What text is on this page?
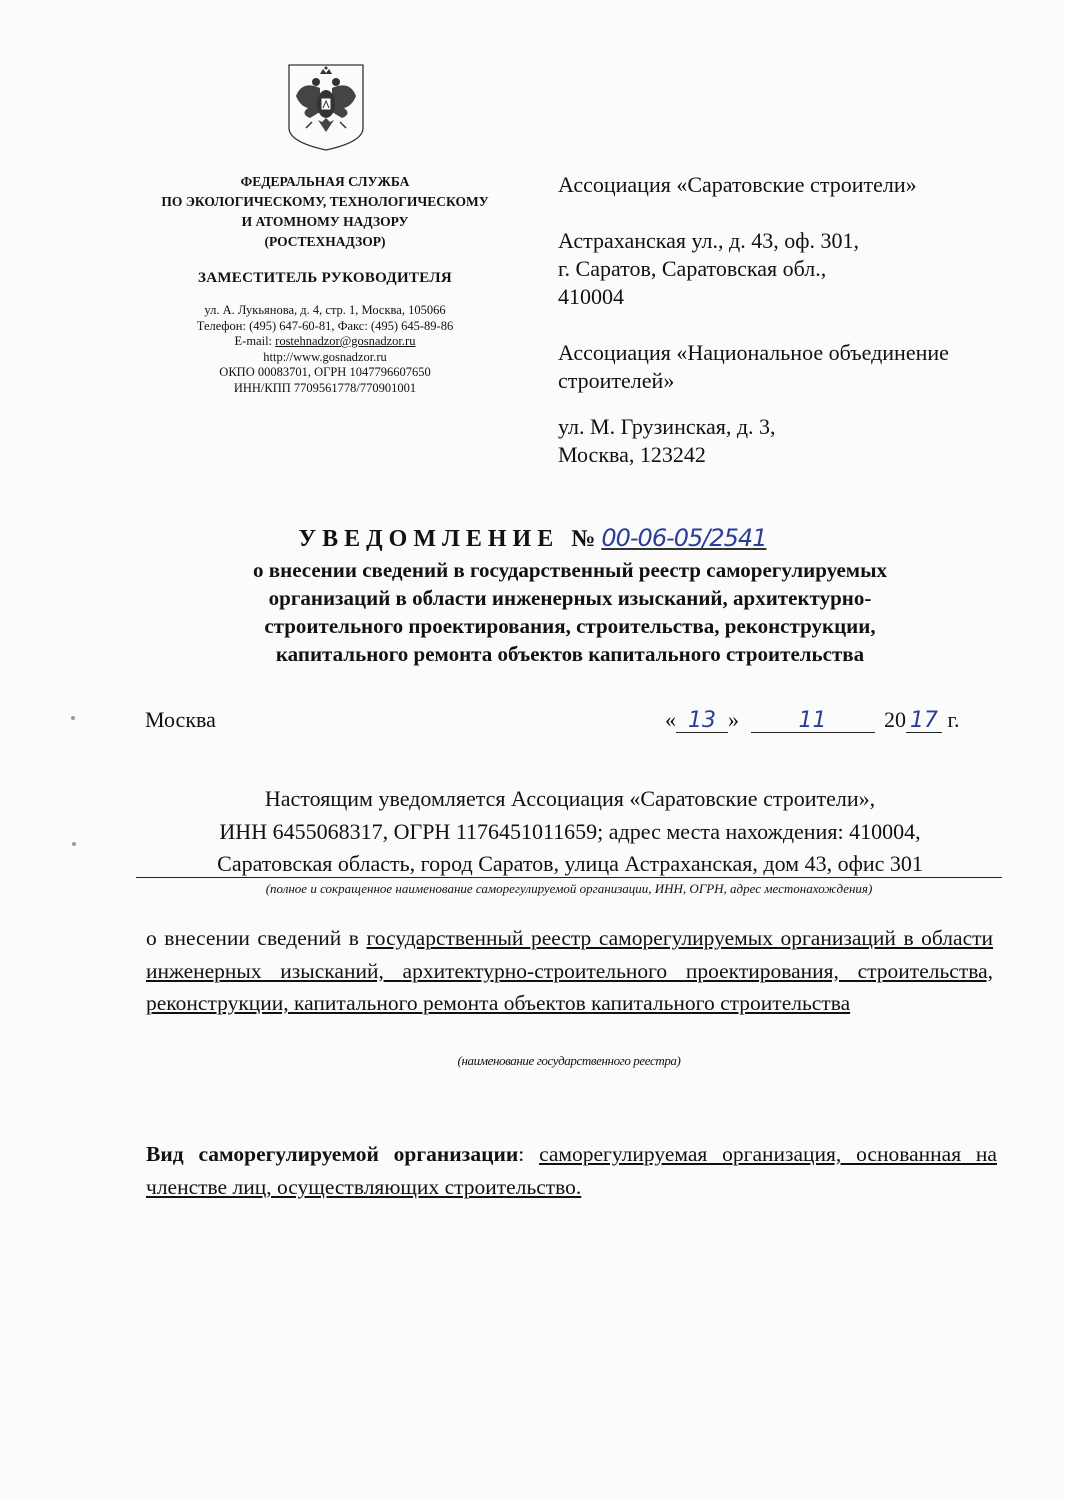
ФЕДЕРАЛЬНАЯ СЛУЖБА
ПО ЭКОЛОГИЧЕСКОМУ, ТЕХНОЛОГИЧЕСКОМУ
И АТОМНОМУ НАДЗОРУ
(РОСТЕХНАДЗОР)
ЗАМЕСТИТЕЛЬ РУКОВОДИТЕЛЯ
ул. А. Лукьянова, д. 4, стр. 1, Москва, 105066
Телефон: (495) 647-60-81, Факс: (495) 645-89-86
E-mail: rostehnadzor@gosnadzor.ru
http://www.gosnadzor.ru
ОКПО 00083701, ОГРН 1047796607650
ИНН/КПП 7709561778/770901001
Ассоциация «Саратовские строители»
Астраханская ул., д. 43, оф. 301,
г. Саратов, Саратовская обл.,
410004
Ассоциация «Национальное объединение
строителей»
ул. М. Грузинская, д. 3,
Москва, 123242
УВЕДОМЛЕНИЕ № 00-06-05/2541
о внесении сведений в государственный реестр саморегулируемых
организаций в области инженерных изысканий, архитектурно-
строительного проектирования, строительства, реконструкции,
капитального ремонта объектов капитального строительства
Москва	« 13 »	11	20 17 г.
Настоящим уведомляется Ассоциация «Саратовские строители»,
ИНН 6455068317, ОГРН 1176451011659; адрес места нахождения: 410004,
Саратовская область, город Саратов, улица Астраханская, дом 43, офис 301
(полное и сокращенное наименование саморегулируемой организации, ИНН, ОГРН, адрес местонахождения)
о внесении сведений в государственный реестр саморегулируемых организаций в области инженерных изысканий, архитектурно-строительного проектирования, строительства, реконструкции, капитального ремонта объектов капитального строительства
(наименование государственного реестра)
Вид саморегулируемой организации: саморегулируемая организация, основанная на членстве лиц, осуществляющих строительство.
